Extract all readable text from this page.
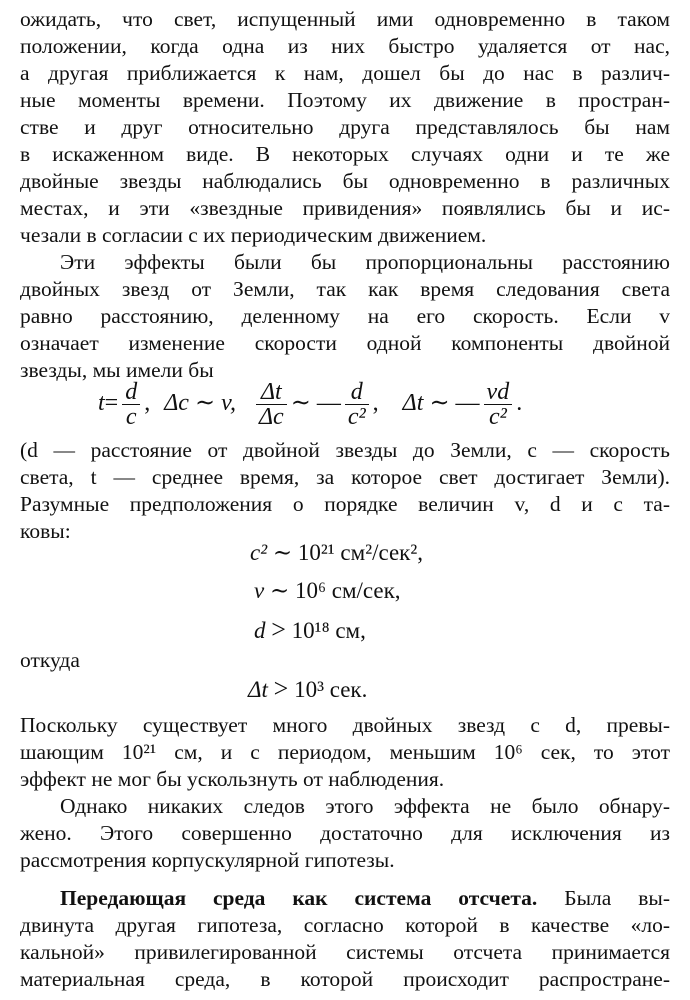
ожидать, что свет, испущенный ими одновременно в таком
положении, когда одна из них быстро удаляется от нас,
а другая приближается к нам, дошел бы до нас в различ-
ные моменты времени. Поэтому их движение в простран-
стве и друг относительно друга представлялось бы нам
в искаженном виде. В некоторых случаях одни и те же
двойные звезды наблюдались бы одновременно в различных
местах, и эти «звездные привидения» появлялись бы и ис-
чезали в согласии с их периодическим движением.
Эти эффекты были бы пропорциональны расстоянию
двойных звезд от Земли, так как время следования света
равно расстоянию, деленному на его скорость. Если v
означает изменение скорости одной компоненты двойной
звезды, мы имели бы
$t= \frac{d}{c}$ , Δc ∼ v, $\frac{\Delta t}{\Delta c}$ ∼ — $\frac{d}{\text{c²}}$ , Δt ∼ — $\frac{vd}{\text{c²}}$ .
(d — расстояние от двойной звезды до Земли, c — скорость
света, t — среднее время, за которое свет достигает Земли).
Разумные предположения о порядке величин v, d и c та-
ковы:
c² ∼ 10²¹ см²/сек²,
v ∼ 10⁶ см/сек,
d > 10¹⁸ см,
откуда
Δt > 10³ сек.
Поскольку существует много двойных звезд с d, превы-
шающим 10²¹ см, и с периодом, меньшим 10⁶ сек, то этот
эффект не мог бы ускользнуть от наблюдения.
Однако никаких следов этого эффекта не было обнару-
жено. Этого совершенно достаточно для исключения из
рассмотрения корпускулярной гипотезы.
Передающая среда как система отсчета. Была вы-
двинута другая гипотеза, согласно которой в качестве «ло-
кальной» привилегированной системы отсчета принимается
материальная среда, в которой происходит распростране-
